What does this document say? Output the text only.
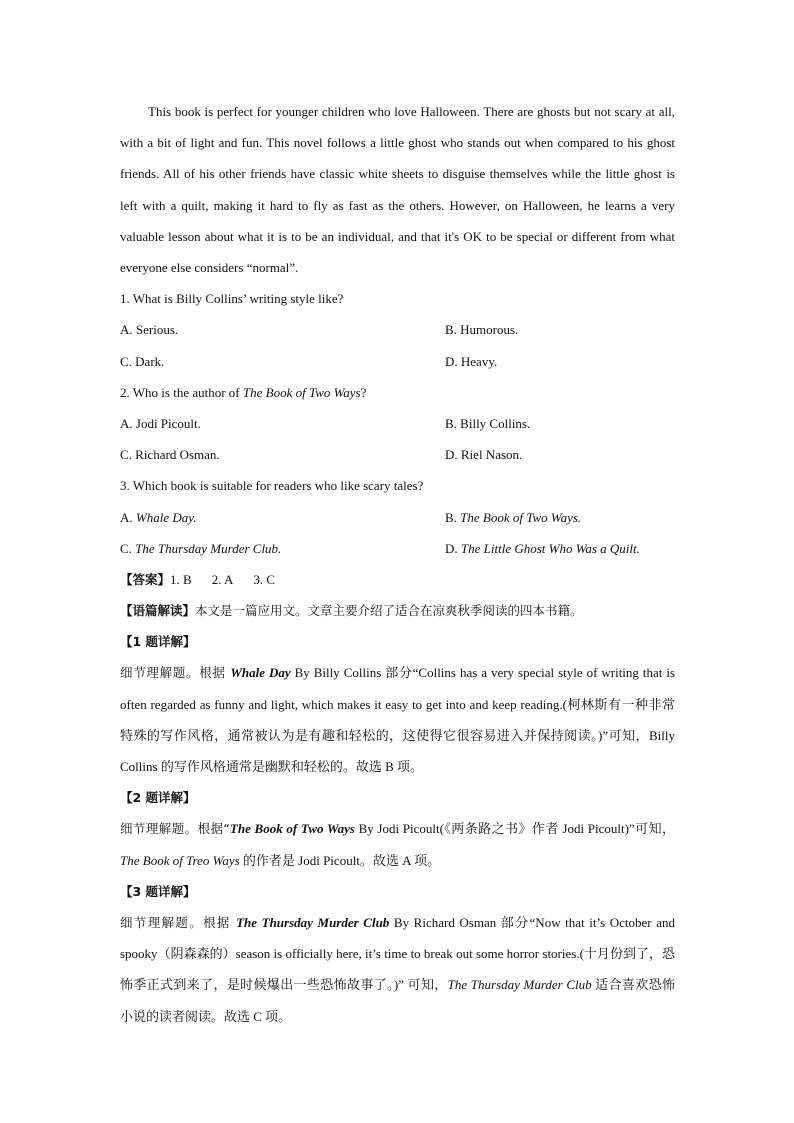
This book is perfect for younger children who love Halloween. There are ghosts but not scary at all, with a bit of light and fun. This novel follows a little ghost who stands out when compared to his ghost friends. All of his other friends have classic white sheets to disguise themselves while the little ghost is left with a quilt, making it hard to fly as fast as the others. However, on Halloween, he learns a very valuable lesson about what it is to be an individual, and that it's OK to be special or different from what everyone else considers “normal”.

1. What is Billy Collins’ writing style like?
A. Serious.	B. Humorous.
C. Dark.	D. Heavy.
2. Who is the author of The Book of Two Ways?
A. Jodi Picoult.	B. Billy Collins.
C. Richard Osman.	D. Riel Nason.
3. Which book is suitable for readers who like scary tales?
A. Whale Day.	B. The Book of Two Ways.
C. The Thursday Murder Club.	D. The Little Ghost Who Was a Quilt.
【答案】1. B 2. A 3. C
【语篇解读】本文是一篇应用文。文章主要介绍了适合在凉爽秋季阅读的四本书籍。
【1 题详解】

细节理解题。根据 Whale Day By Billy Collins 部分“Collins has a very special style of writing that is often regarded as funny and light, which makes it easy to get into and keep reading.(柯林斯有一种非常特殊的写作风格，通常被认为是有趣和轻松的，这使得它很容易进入并保持阅读。)”可知，Billy Collins 的写作风格通常是幽默和轻松的。故选 B 项。

【2 题详解】

细节理解题。根据“The Book of Two Ways By Jodi Picoult(《两条路之书》作者 Jodi Picoult)”可知，The Book of Treo Ways 的作者是 Jodi Picoult。故选 A 项。

【3 题详解】

细节理解题。根据 The Thursday Murder Club By Richard Osman 部分“Now that it’s October and spooky（阴森森的）season is officially here, it’s time to break out some horror stories.(十月份到了，恐怖季正式到来了，是时候爆出一些恐怖故事了。)” 可知，The Thursday Murder Club 适合喜欢恐怖小说的读者阅读。故选 C 项。
